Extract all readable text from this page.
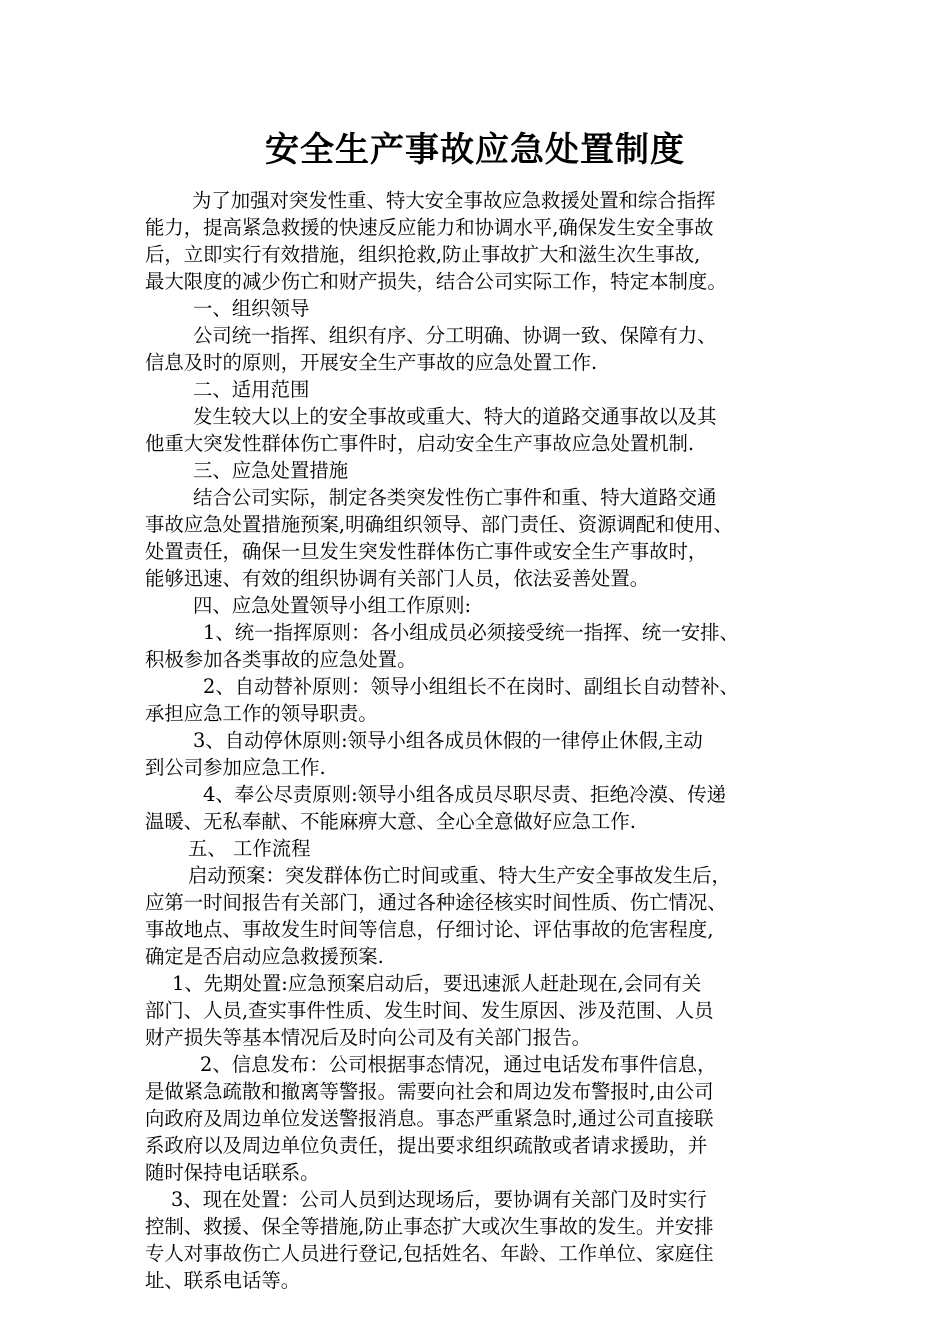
安全生产事故应急处置制度
为了加强对突发性重、特大安全事故应急救援处置和综合指挥
能力，提高紧急救援的快速反应能力和协调水平,确保发生安全事故
后，立即实行有效措施，组织抢救,防止事故扩大和滋生次生事故,
最大限度的减少伤亡和财产损失，结合公司实际工作，特定本制度。
一、组织领导
公司统一指挥、组织有序、分工明确、协调一致、保障有力、
信息及时的原则，开展安全生产事故的应急处置工作.
二、适用范围
发生较大以上的安全事故或重大、特大的道路交通事故以及其
他重大突发性群体伤亡事件时，启动安全生产事故应急处置机制.
三、应急处置措施
结合公司实际，制定各类突发性伤亡事件和重、特大道路交通
事故应急处置措施预案,明确组织领导、部门责任、资源调配和使用、
处置责任，确保一旦发生突发性群体伤亡事件或安全生产事故时，
能够迅速、有效的组织协调有关部门人员，依法妥善处置。
四、应急处置领导小组工作原则:
1、统一指挥原则：各小组成员必须接受统一指挥、统一安排、
积极参加各类事故的应急处置。
2、自动替补原则：领导小组组长不在岗时、副组长自动替补、
承担应急工作的领导职责。
3、自动停休原则:领导小组各成员休假的一律停止休假,主动
到公司参加应急工作.
4、奉公尽责原则:领导小组各成员尽职尽责、拒绝冷漠、传递
温暖、无私奉献、不能麻痹大意、全心全意做好应急工作.
五、 工作流程
启动预案：突发群体伤亡时间或重、特大生产安全事故发生后，
应第一时间报告有关部门，通过各种途径核实时间性质、伤亡情况、
事故地点、事故发生时间等信息，仔细讨论、评估事故的危害程度,
确定是否启动应急救援预案.
1、先期处置:应急预案启动后，要迅速派人赶赴现在,会同有关
部门、人员,查实事件性质、发生时间、发生原因、涉及范围、人员
财产损失等基本情况后及时向公司及有关部门报告。
2、信息发布：公司根据事态情况，通过电话发布事件信息，
是做紧急疏散和撤离等警报。需要向社会和周边发布警报时,由公司
向政府及周边单位发送警报消息。事态严重紧急时,通过公司直接联
系政府以及周边单位负责任，提出要求组织疏散或者请求援助，并
随时保持电话联系。
3、现在处置：公司人员到达现场后，要协调有关部门及时实行
控制、救援、保全等措施,防止事态扩大或次生事故的发生。并安排
专人对事故伤亡人员进行登记,包括姓名、年龄、工作单位、家庭住
址、联系电话等。
